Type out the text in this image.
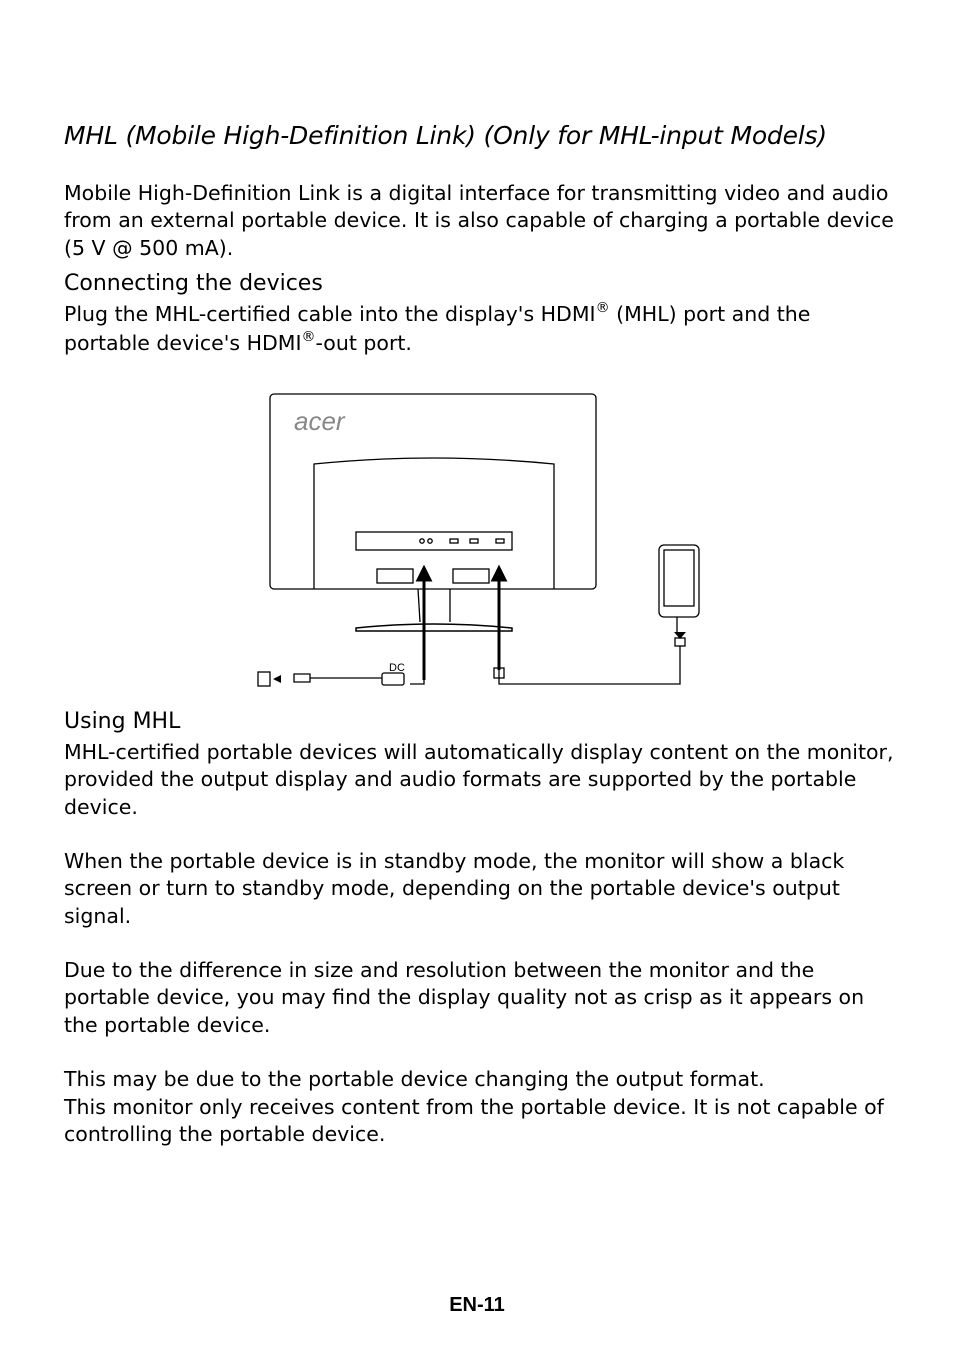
MHL (Mobile High-Definition Link) (Only for MHL-input Models)

Mobile High-Definition Link is a digital interface for transmitting video and audio from an external portable device. It is also capable of charging a portable device (5 V @ 500 mA).

Connecting the devices

Plug the MHL-certified cable into the display's HDMI® (MHL) port and the portable device's HDMI®-out port.

acer
DC
Using MHL

MHL-certified portable devices will automatically display content on the monitor, provided the output display and audio formats are supported by the portable device.

When the portable device is in standby mode, the monitor will show a black screen or turn to standby mode, depending on the portable device's output signal.

Due to the difference in size and resolution between the monitor and the portable device, you may find the display quality not as crisp as it appears on the portable device.

This may be due to the portable device changing the output format.

This monitor only receives content from the portable device. It is not capable of controlling the portable device.

EN-11
